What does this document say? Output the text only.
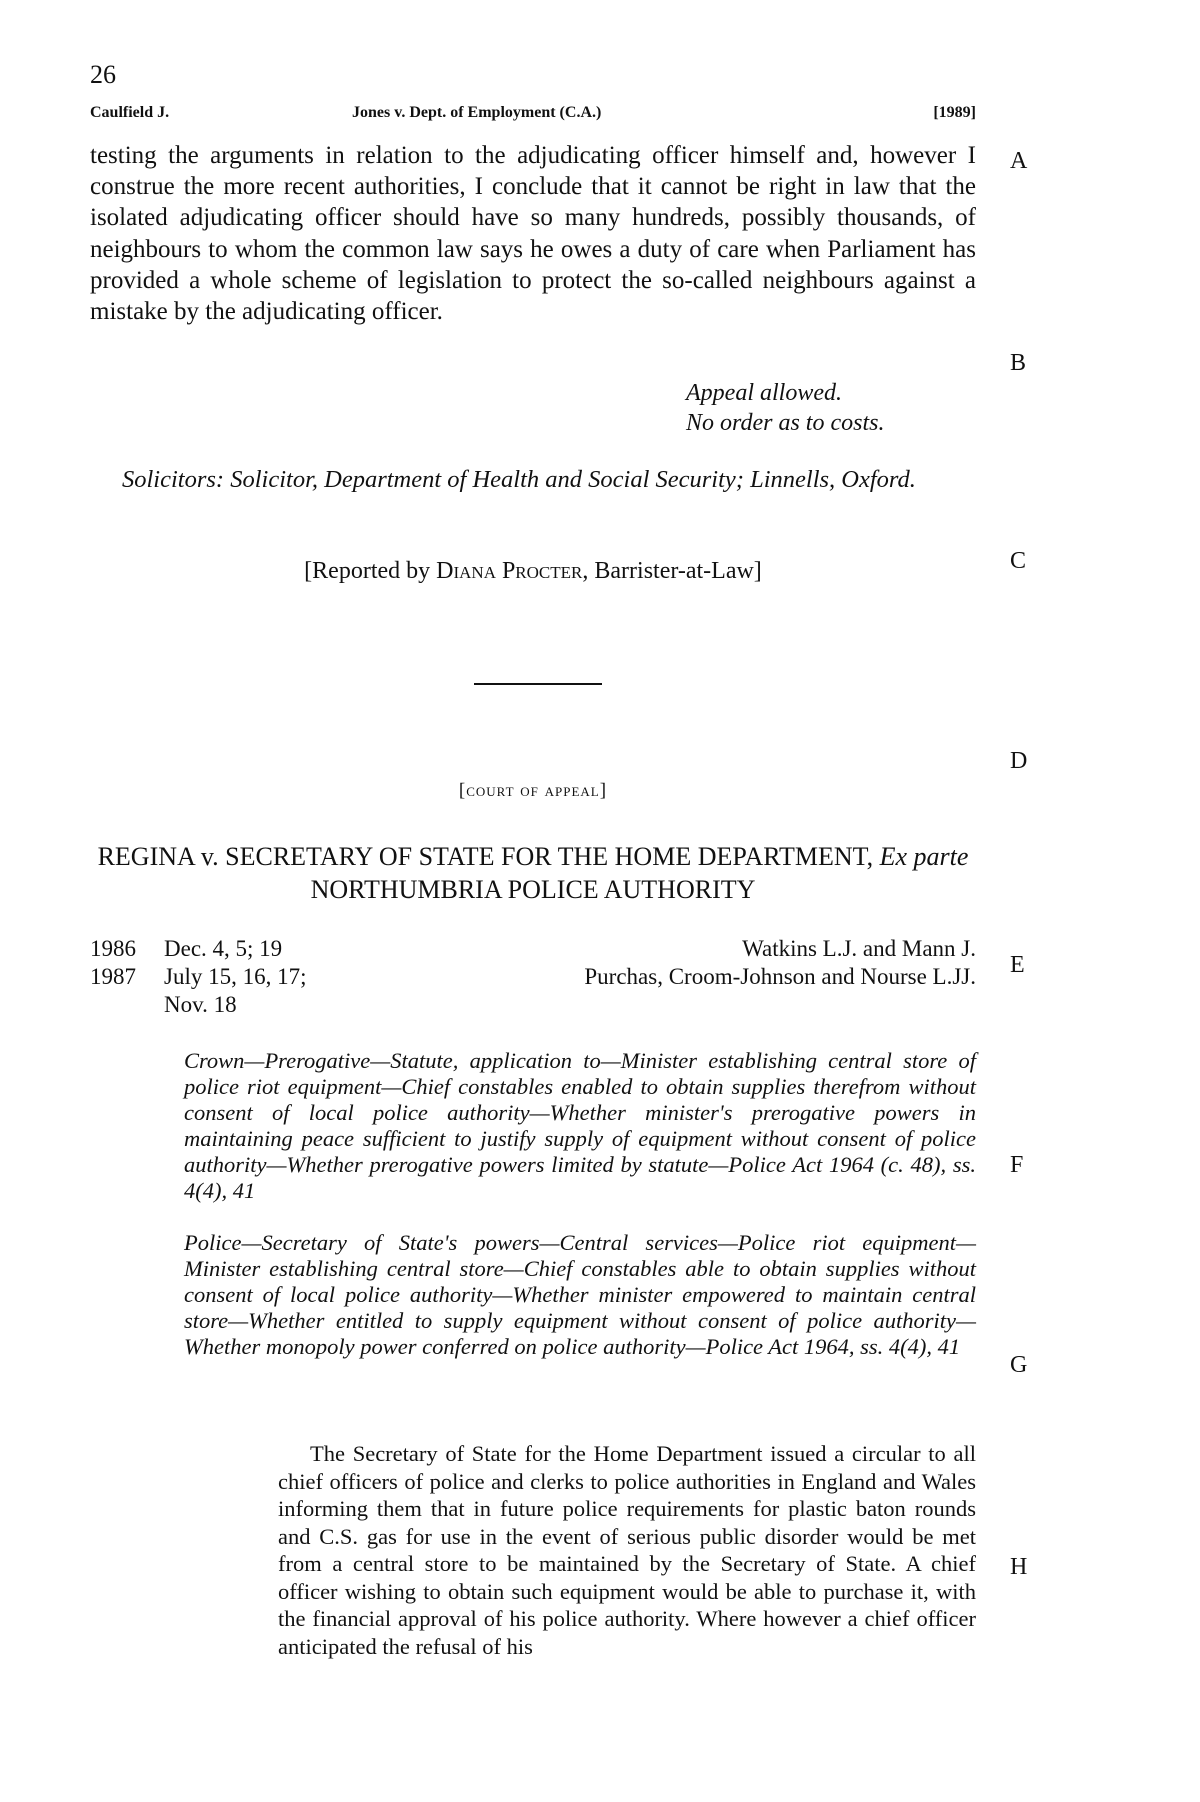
26
Caulfield J.	Jones v. Dept. of Employment (C.A.)	[1989]
testing the arguments in relation to the adjudicating officer himself and, however I construe the more recent authorities, I conclude that it cannot be right in law that the isolated adjudicating officer should have so many hundreds, possibly thousands, of neighbours to whom the common law says he owes a duty of care when Parliament has provided a whole scheme of legislation to protect the so-called neighbours against a mistake by the adjudicating officer.
Appeal allowed.
No order as to costs.
Solicitors: Solicitor, Department of Health and Social Security; Linnells, Oxford.
[Reported by Diana Procter, Barrister-at-Law]
[court of appeal]
REGINA v. SECRETARY OF STATE FOR THE HOME DEPARTMENT, Ex parte NORTHUMBRIA POLICE AUTHORITY
1986	Dec. 4, 5; 19	Watkins L.J. and Mann J.
1987	July 15, 16, 17;	Purchas, Croom-Johnson and Nourse L.JJ.
Nov. 18
Crown—Prerogative—Statute, application to—Minister establishing central store of police riot equipment—Chief constables enabled to obtain supplies therefrom without consent of local police authority—Whether minister's prerogative powers in maintaining peace sufficient to justify supply of equipment without consent of police authority—Whether prerogative powers limited by statute—Police Act 1964 (c. 48), ss. 4(4), 41
Police—Secretary of State's powers—Central services—Police riot equipment—Minister establishing central store—Chief constables able to obtain supplies without consent of local police authority—Whether minister empowered to maintain central store—Whether entitled to supply equipment without consent of police authority—Whether monopoly power conferred on police authority—Police Act 1964, ss. 4(4), 41
The Secretary of State for the Home Department issued a circular to all chief officers of police and clerks to police authorities in England and Wales informing them that in future police requirements for plastic baton rounds and C.S. gas for use in the event of serious public disorder would be met from a central store to be maintained by the Secretary of State. A chief officer wishing to obtain such equipment would be able to purchase it, with the financial approval of his police authority. Where however a chief officer anticipated the refusal of his
A
B
C
D
E
F
G
H
